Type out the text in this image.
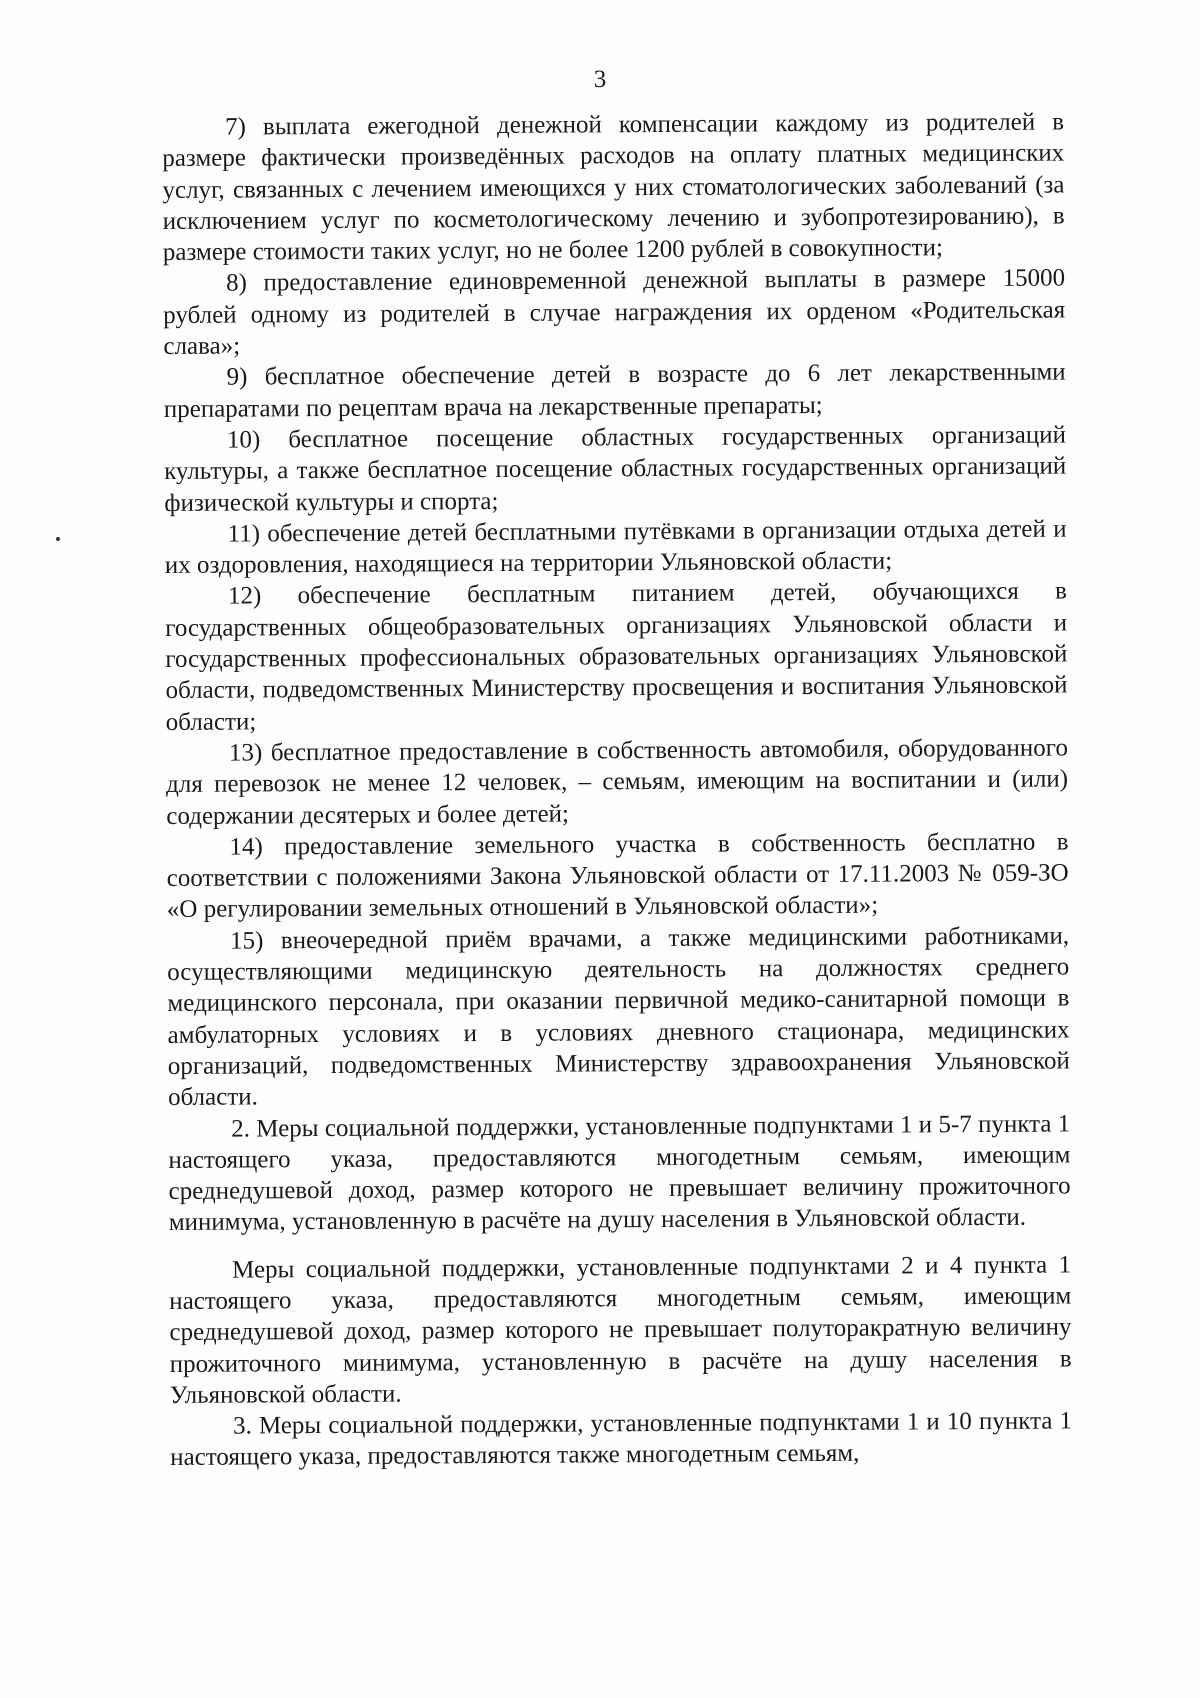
3

7) выплата ежегодной денежной компенсации каждому из родителей в размере фактически произведённых расходов на оплату платных медицинских услуг, связанных с лечением имеющихся у них стоматологических заболеваний (за исключением услуг по косметологическому лечению и зубопротезированию), в размере стоимости таких услуг, но не более 1200 рублей в совокупности;

8) предоставление единовременной денежной выплаты в размере 15000 рублей одному из родителей в случае награждения их орденом «Родительская слава»;

9) бесплатное обеспечение детей в возрасте до 6 лет лекарственными препаратами по рецептам врача на лекарственные препараты;

10) бесплатное посещение областных государственных организаций культуры, а также бесплатное посещение областных государственных организаций физической культуры и спорта;

11) обеспечение детей бесплатными путёвками в организации отдыха детей и их оздоровления, находящиеся на территории Ульяновской области;

12) обеспечение бесплатным питанием детей, обучающихся в государственных общеобразовательных организациях Ульяновской области и государственных профессиональных образовательных организациях Ульяновской области, подведомственных Министерству просвещения и воспитания Ульяновской области;

13) бесплатное предоставление в собственность автомобиля, оборудованного для перевозок не менее 12 человек, – семьям, имеющим на воспитании и (или) содержании десятерых и более детей;

14) предоставление земельного участка в собственность бесплатно в соответствии с положениями Закона Ульяновской области от 17.11.2003 № 059-ЗО «О регулировании земельных отношений в Ульяновской области»;

15) внеочередной приём врачами, а также медицинскими работниками, осуществляющими медицинскую деятельность на должностях среднего медицинского персонала, при оказании первичной медико-санитарной помощи в амбулаторных условиях и в условиях дневного стационара, медицинских организаций, подведомственных Министерству здравоохранения Ульяновской области.

2. Меры социальной поддержки, установленные подпунктами 1 и 5-7 пункта 1 настоящего указа, предоставляются многодетным семьям, имеющим среднедушевой доход, размер которого не превышает величину прожиточного минимума, установленную в расчёте на душу населения в Ульяновской области.

Меры социальной поддержки, установленные подпунктами 2 и 4 пункта 1 настоящего указа, предоставляются многодетным семьям, имеющим среднедушевой доход, размер которого не превышает полуторакратную величину прожиточного минимума, установленную в расчёте на душу населения в Ульяновской области.

3. Меры социальной поддержки, установленные подпунктами 1 и 10 пункта 1 настоящего указа, предоставляются также многодетным семьям,
